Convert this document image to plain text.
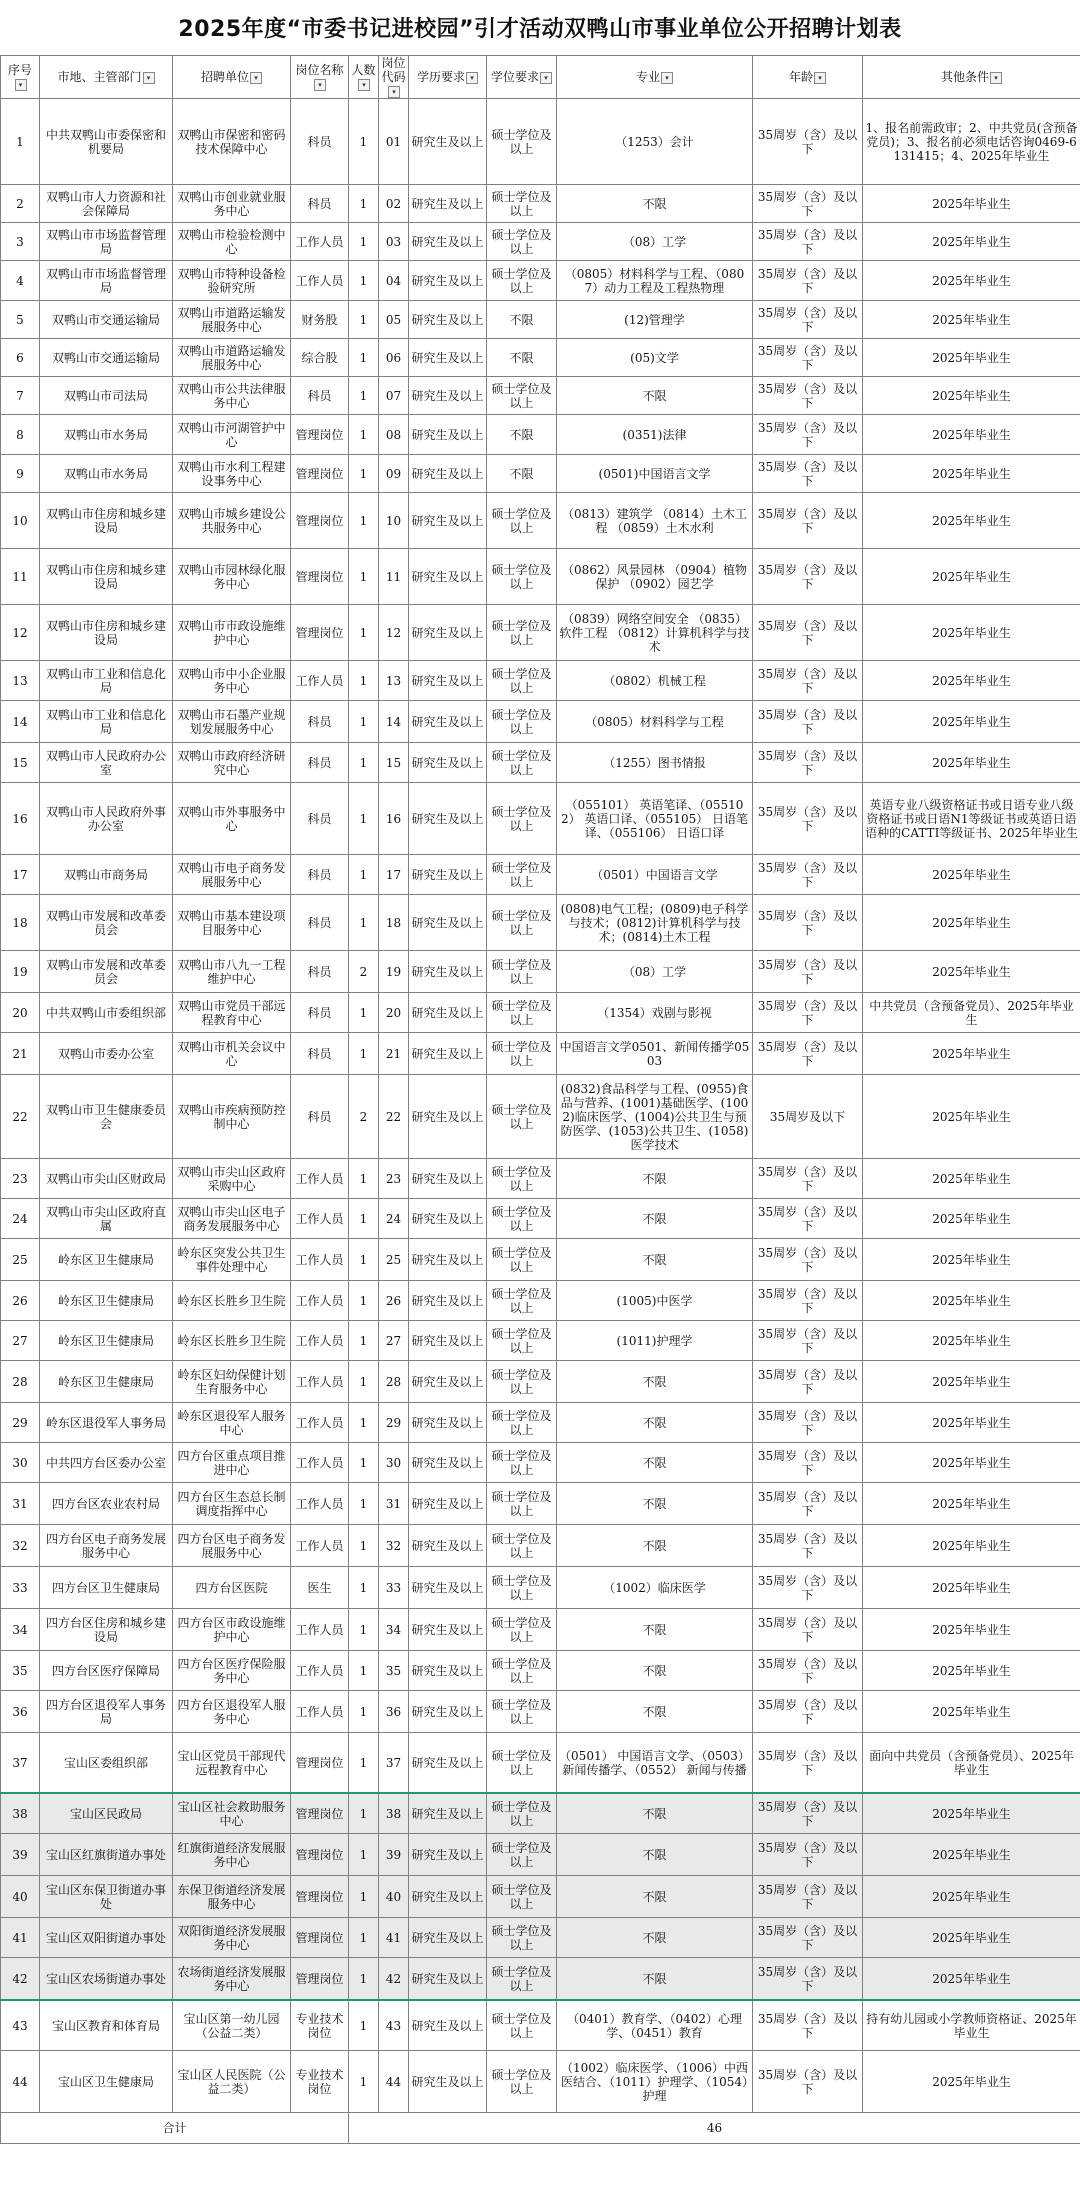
2025年度“市委书记进校园”引才活动双鸭山市事业单位公开招聘计划表
序号▾	市地、主管部门 ▾	招聘单位 ▾	岗位名称▾	人数▾	岗位代码▾	学历要求 ▾	学位要求 ▾	专业 ▾	年龄 ▾	其他条件 ▾
1	中共双鸭山市委保密和机要局	双鸭山市保密和密码技术保障中心	科员	1	01	研究生及以上	硕士学位及以上	（1253）会计	35周岁（含）及以下	1、报名前需政审；2、中共党员(含预备党员)；3、报名前必须电话咨询0469-6131415；4、2025年毕业生
2	双鸭山市人力资源和社会保障局	双鸭山市创业就业服务中心	科员	1	02	研究生及以上	硕士学位及以上	不限	35周岁（含）及以下	2025年毕业生
3	双鸭山市市场监督管理局	双鸭山市检验检测中心	工作人员	1	03	研究生及以上	硕士学位及以上	（08）工学	35周岁（含）及以下	2025年毕业生
4	双鸭山市市场监督管理局	双鸭山市特种设备检验研究所	工作人员	1	04	研究生及以上	硕士学位及以上	（0805）材料科学与工程、（0807）动力工程及工程热物理	35周岁（含）及以下	2025年毕业生
5	双鸭山市交通运输局	双鸭山市道路运输发展服务中心	财务股	1	05	研究生及以上	不限	(12)管理学	35周岁（含）及以下	2025年毕业生
6	双鸭山市交通运输局	双鸭山市道路运输发展服务中心	综合股	1	06	研究生及以上	不限	(05)文学	35周岁（含）及以下	2025年毕业生
7	双鸭山市司法局	双鸭山市公共法律服务中心	科员	1	07	研究生及以上	硕士学位及以上	不限	35周岁（含）及以下	2025年毕业生
8	双鸭山市水务局	双鸭山市河湖管护中心	管理岗位	1	08	研究生及以上	不限	(0351)法律	35周岁（含）及以下	2025年毕业生
9	双鸭山市水务局	双鸭山市水利工程建设事务中心	管理岗位	1	09	研究生及以上	不限	(0501)中国语言文学	35周岁（含）及以下	2025年毕业生
10	双鸭山市住房和城乡建设局	双鸭山市城乡建设公共服务中心	管理岗位	1	10	研究生及以上	硕士学位及以上	（0813）建筑学 （0814）土木工程 （0859）土木水利	35周岁（含）及以下	2025年毕业生
11	双鸭山市住房和城乡建设局	双鸭山市园林绿化服务中心	管理岗位	1	11	研究生及以上	硕士学位及以上	（0862）风景园林 （0904）植物保护 （0902）园艺学	35周岁（含）及以下	2025年毕业生
12	双鸭山市住房和城乡建设局	双鸭山市市政设施维护中心	管理岗位	1	12	研究生及以上	硕士学位及以上	（0839）网络空间安全 （0835）软件工程 （0812）计算机科学与技术	35周岁（含）及以下	2025年毕业生
13	双鸭山市工业和信息化局	双鸭山市中小企业服务中心	工作人员	1	13	研究生及以上	硕士学位及以上	（0802）机械工程	35周岁（含）及以下	2025年毕业生
14	双鸭山市工业和信息化局	双鸭山市石墨产业规划发展服务中心	科员	1	14	研究生及以上	硕士学位及以上	（0805）材料科学与工程	35周岁（含）及以下	2025年毕业生
15	双鸭山市人民政府办公室	双鸭山市政府经济研究中心	科员	1	15	研究生及以上	硕士学位及以上	（1255）图书情报	35周岁（含）及以下	2025年毕业生
16	双鸭山市人民政府外事办公室	双鸭山市外事服务中心	科员	1	16	研究生及以上	硕士学位及以上	（055101） 英语笔译、（055102） 英语口译、（055105） 日语笔译、（055106） 日语口译	35周岁（含）及以下	英语专业八级资格证书或日语专业八级资格证书或日语N1等级证书或英语日语语种的CATTI等级证书、2025年毕业生
17	双鸭山市商务局	双鸭山市电子商务发展服务中心	科员	1	17	研究生及以上	硕士学位及以上	（0501）中国语言文学	35周岁（含）及以下	2025年毕业生
18	双鸭山市发展和改革委员会	双鸭山市基本建设项目服务中心	科员	1	18	研究生及以上	硕士学位及以上	(0808)电气工程；(0809)电子科学与技术；(0812)计算机科学与技术；(0814)土木工程	35周岁（含）及以下	2025年毕业生
19	双鸭山市发展和改革委员会	双鸭山市八九一工程维护中心	科员	2	19	研究生及以上	硕士学位及以上	（08）工学	35周岁（含）及以下	2025年毕业生
20	中共双鸭山市委组织部	双鸭山市党员干部远程教育中心	科员	1	20	研究生及以上	硕士学位及以上	（1354）戏剧与影视	35周岁（含）及以下	中共党员（含预备党员）、2025年毕业生
21	双鸭山市委办公室	双鸭山市机关会议中心	科员	1	21	研究生及以上	硕士学位及以上	中国语言文学0501、新闻传播学0503	35周岁（含）及以下	2025年毕业生
22	双鸭山市卫生健康委员会	双鸭山市疾病预防控制中心	科员	2	22	研究生及以上	硕士学位及以上	(0832)食品科学与工程、(0955)食品与营养、(1001)基础医学、(1002)临床医学、(1004)公共卫生与预防医学、(1053)公共卫生、(1058)医学技术	35周岁及以下	2025年毕业生
23	双鸭山市尖山区财政局	双鸭山市尖山区政府采购中心	工作人员	1	23	研究生及以上	硕士学位及以上	不限	35周岁（含）及以下	2025年毕业生
24	双鸭山市尖山区政府直属	双鸭山市尖山区电子商务发展服务中心	工作人员	1	24	研究生及以上	硕士学位及以上	不限	35周岁（含）及以下	2025年毕业生
25	岭东区卫生健康局	岭东区突发公共卫生事件处理中心	工作人员	1	25	研究生及以上	硕士学位及以上	不限	35周岁（含）及以下	2025年毕业生
26	岭东区卫生健康局	岭东区长胜乡卫生院	工作人员	1	26	研究生及以上	硕士学位及以上	(1005)中医学	35周岁（含）及以下	2025年毕业生
27	岭东区卫生健康局	岭东区长胜乡卫生院	工作人员	1	27	研究生及以上	硕士学位及以上	(1011)护理学	35周岁（含）及以下	2025年毕业生
28	岭东区卫生健康局	岭东区妇幼保健计划生育服务中心	工作人员	1	28	研究生及以上	硕士学位及以上	不限	35周岁（含）及以下	2025年毕业生
29	岭东区退役军人事务局	岭东区退役军人服务中心	工作人员	1	29	研究生及以上	硕士学位及以上	不限	35周岁（含）及以下	2025年毕业生
30	中共四方台区委办公室	四方台区重点项目推进中心	工作人员	1	30	研究生及以上	硕士学位及以上	不限	35周岁（含）及以下	2025年毕业生
31	四方台区农业农村局	四方台区生态总长制调度指挥中心	工作人员	1	31	研究生及以上	硕士学位及以上	不限	35周岁（含）及以下	2025年毕业生
32	四方台区电子商务发展服务中心	四方台区电子商务发展服务中心	工作人员	1	32	研究生及以上	硕士学位及以上	不限	35周岁（含）及以下	2025年毕业生
33	四方台区卫生健康局	四方台区医院	医生	1	33	研究生及以上	硕士学位及以上	（1002）临床医学	35周岁（含）及以下	2025年毕业生
34	四方台区住房和城乡建设局	四方台区市政设施维护中心	工作人员	1	34	研究生及以上	硕士学位及以上	不限	35周岁（含）及以下	2025年毕业生
35	四方台区医疗保障局	四方台区医疗保险服务中心	工作人员	1	35	研究生及以上	硕士学位及以上	不限	35周岁（含）及以下	2025年毕业生
36	四方台区退役军人事务局	四方台区退役军人服务中心	工作人员	1	36	研究生及以上	硕士学位及以上	不限	35周岁（含）及以下	2025年毕业生
37	宝山区委组织部	宝山区党员干部现代远程教育中心	管理岗位	1	37	研究生及以上	硕士学位及以上	（0501） 中国语言文学、（0503） 新闻传播学、（0552） 新闻与传播	35周岁（含）及以下	面向中共党员（含预备党员）、2025年毕业生
38	宝山区民政局	宝山区社会救助服务中心	管理岗位	1	38	研究生及以上	硕士学位及以上	不限	35周岁（含）及以下	2025年毕业生
39	宝山区红旗街道办事处	红旗街道经济发展服务中心	管理岗位	1	39	研究生及以上	硕士学位及以上	不限	35周岁（含）及以下	2025年毕业生
40	宝山区东保卫街道办事处	东保卫街道经济发展服务中心	管理岗位	1	40	研究生及以上	硕士学位及以上	不限	35周岁（含）及以下	2025年毕业生
41	宝山区双阳街道办事处	双阳街道经济发展服务中心	管理岗位	1	41	研究生及以上	硕士学位及以上	不限	35周岁（含）及以下	2025年毕业生
42	宝山区农场街道办事处	农场街道经济发展服务中心	管理岗位	1	42	研究生及以上	硕士学位及以上	不限	35周岁（含）及以下	2025年毕业生
43	宝山区教育和体育局	宝山区第一幼儿园（公益二类）	专业技术岗位	1	43	研究生及以上	硕士学位及以上	（0401）教育学、（0402）心理学、（0451）教育	35周岁（含）及以下	持有幼儿园或小学教师资格证、2025年毕业生
44	宝山区卫生健康局	宝山区人民医院（公益二类）	专业技术岗位	1	44	研究生及以上	硕士学位及以上	（1002）临床医学、（1006）中西医结合、（1011）护理学、（1054）护理	35周岁（含）及以下	2025年毕业生
合计				46						
